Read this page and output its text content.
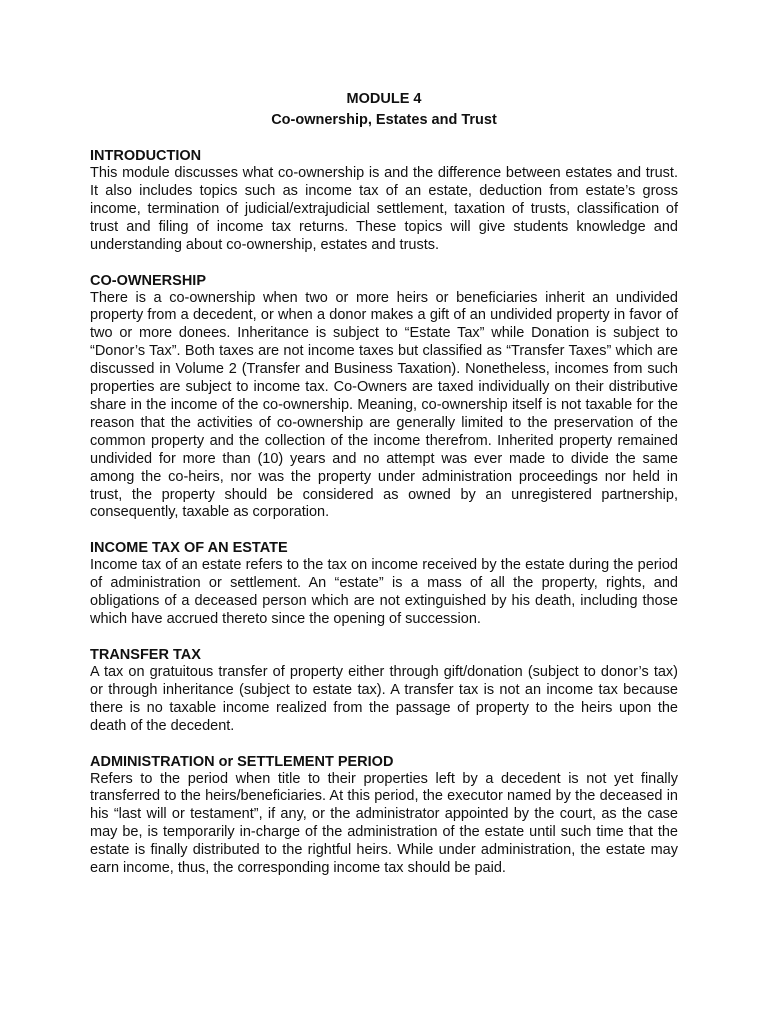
MODULE 4

Co-ownership, Estates and Trust

INTRODUCTION

This module discusses what co-ownership is and the difference between estates and trust. It also includes topics such as income tax of an estate, deduction from estate’s gross income, termination of judicial/extrajudicial settlement, taxation of trusts, classification of trust and filing of income tax returns. These topics will give students knowledge and understanding about co-ownership, estates and trusts.

CO-OWNERSHIP

There is a co-ownership when two or more heirs or beneficiaries inherit an undivided property from a decedent, or when a donor makes a gift of an undivided property in favor of two or more donees. Inheritance is subject to “Estate Tax” while Donation is subject to “Donor’s Tax”. Both taxes are not income taxes but classified as “Transfer Taxes” which are discussed in Volume 2 (Transfer and Business Taxation). Nonetheless, incomes from such properties are subject to income tax. Co-Owners are taxed individually on their distributive share in the income of the co-ownership. Meaning, co-ownership itself is not taxable for the reason that the activities of co-ownership are generally limited to the preservation of the common property and the collection of the income therefrom. Inherited property remained undivided for more than (10) years and no attempt was ever made to divide the same among the co-heirs, nor was the property under administration proceedings nor held in trust, the property should be considered as owned by an unregistered partnership, consequently, taxable as corporation.

INCOME TAX OF AN ESTATE

Income tax of an estate refers to the tax on income received by the estate during the period of administration or settlement. An “estate” is a mass of all the property, rights, and obligations of a deceased person which are not extinguished by his death, including those which have accrued thereto since the opening of succession.

TRANSFER TAX

A tax on gratuitous transfer of property either through gift/donation (subject to donor’s tax) or through inheritance (subject to estate tax). A transfer tax is not an income tax because there is no taxable income realized from the passage of property to the heirs upon the death of the decedent.

ADMINISTRATION or SETTLEMENT PERIOD

Refers to the period when title to their properties left by a decedent is not yet finally transferred to the heirs/beneficiaries. At this period, the executor named by the deceased in his “last will or testament”, if any, or the administrator appointed by the court, as the case may be, is temporarily in-charge of the administration of the estate until such time that the estate is finally distributed to the rightful heirs. While under administration, the estate may earn income, thus, the corresponding income tax should be paid.
